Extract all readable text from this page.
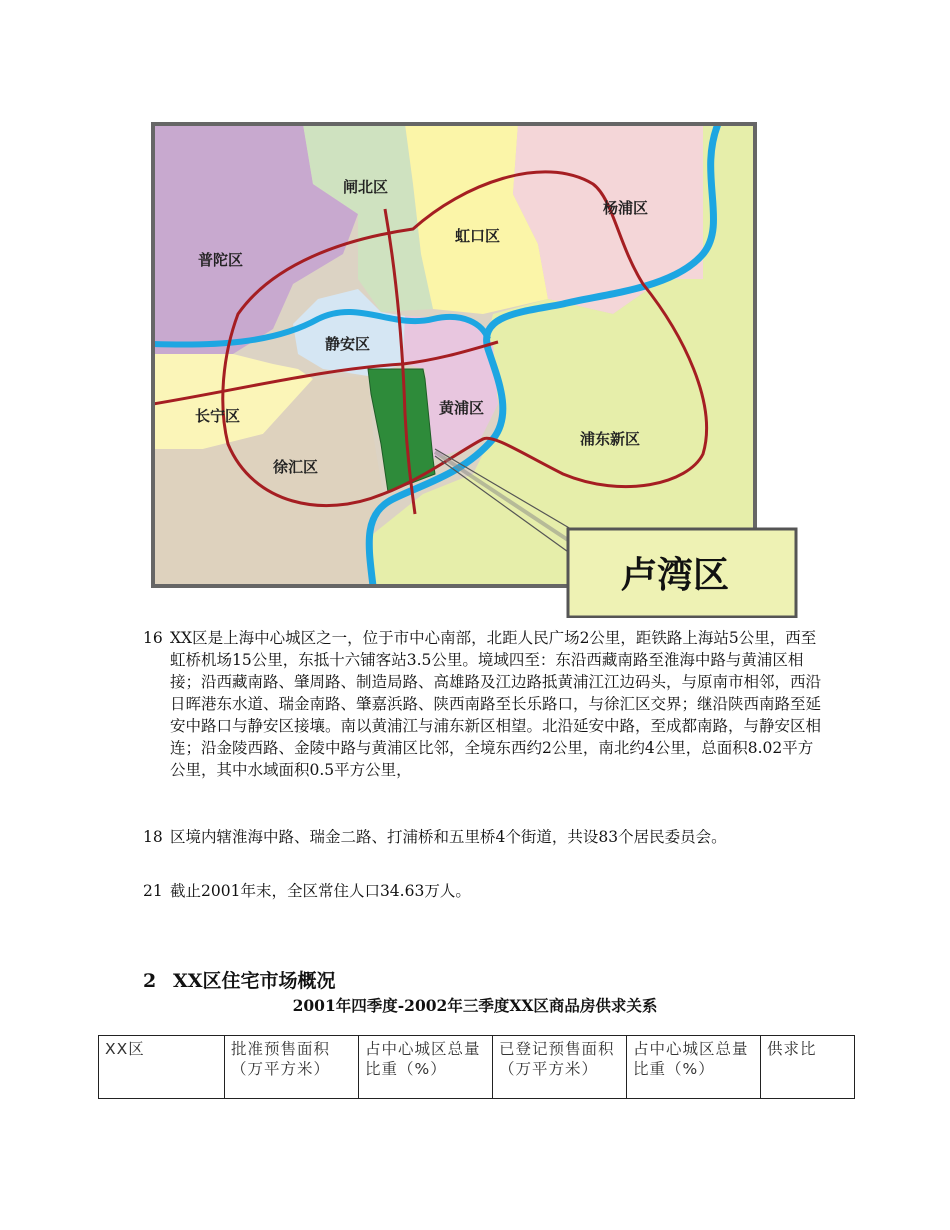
闸北区
杨浦区
虹口区
普陀区
静安区
黄浦区
长宁区
浦东新区
徐汇区
卢湾区
16 XX区是上海中心城区之一，位于市中心南部，北距人民广场2公里，距铁路上海站5公里，西至虹桥机场15公里，东抵十六铺客站3.5公里。境域四至：东沿西藏南路至淮海中路与黄浦区相接；沿西藏南路、肇周路、制造局路、高雄路及江边路抵黄浦江江边码头，与原南市相邻，西沿日晖港东水道、瑞金南路、肇嘉浜路、陕西南路至长乐路口，与徐汇区交界；继沿陕西南路至延安中路口与静安区接壤。南以黄浦江与浦东新区相望。北沿延安中路，至成都南路，与静安区相连；沿金陵西路、金陵中路与黄浦区比邻，全境东西约2公里，南北约4公里，总面积8.02平方公里，其中水域面积0.5平方公里，
18 区境内辖淮海中路、瑞金二路、打浦桥和五里桥4个街道，共设83个居民委员会。
21 截止2001年末，全区常住人口34.63万人。
2 XX区住宅市场概况
2001年四季度-2002年三季度XX区商品房供求关系
XX区	批准预售面积（万平方米）	占中心城区总量比重（%）	已登记预售面积（万平方米）	占中心城区总量比重（%）	供求比
